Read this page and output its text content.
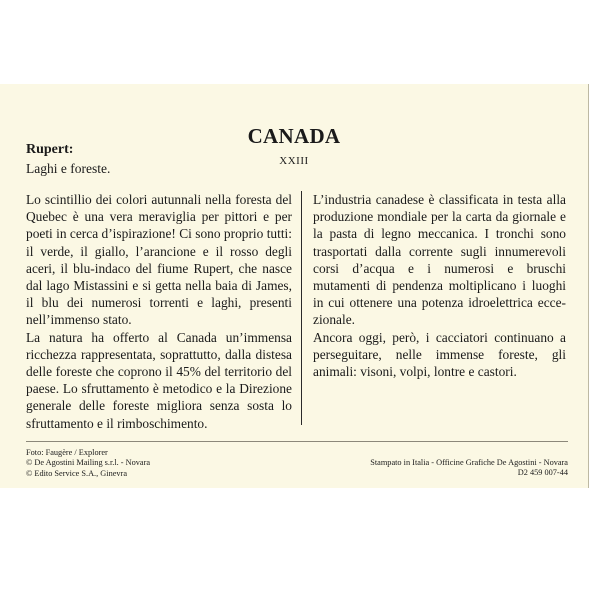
CANADA
Rupert:
XXIII
Laghi e foreste.

Lo scintillio dei colori autunnali nella foresta del Quebec è una vera meraviglia per pittori e per poeti in cerca d’ispirazione! Ci sono proprio tutti: il verde, il giallo, l’arancione e il rosso degli aceri, il blu-indaco del fiume Rupert, che nasce dal lago Mistassini e si getta nella baia di James, il blu dei numerosi torrenti e laghi, presenti nell’immenso stato.

La natura ha offerto al Canada un’immensa ricchezza rappresentata, soprattutto, dalla distesa delle foreste che coprono il 45% del territorio del paese. Lo sfruttamento è metodico e la Direzione generale delle foreste migliora senza sosta lo sfruttamento e il rimboschimento.

L’industria canadese è classificata in testa alla produzione mondiale per la carta da giornale e la pasta di legno meccanica. I tronchi sono trasportati dalla corrente sugli innumerevoli corsi d’acqua e i numerosi e bruschi mutamenti di pendenza moltiplicano i luoghi in cui ottenere una potenza idroelettrica eccezionale.

Ancora oggi, però, i cacciatori continuano a perseguitare, nelle immense foreste, gli animali: visoni, volpi, lontre e castori.

Foto: Faugère / Explorer
© De Agostini Mailing s.r.l. - Novara
© Edito Service S.A., Ginevra
Stampato in Italia - Officine Grafiche De Agostini - Novara
D2 459 007-44
